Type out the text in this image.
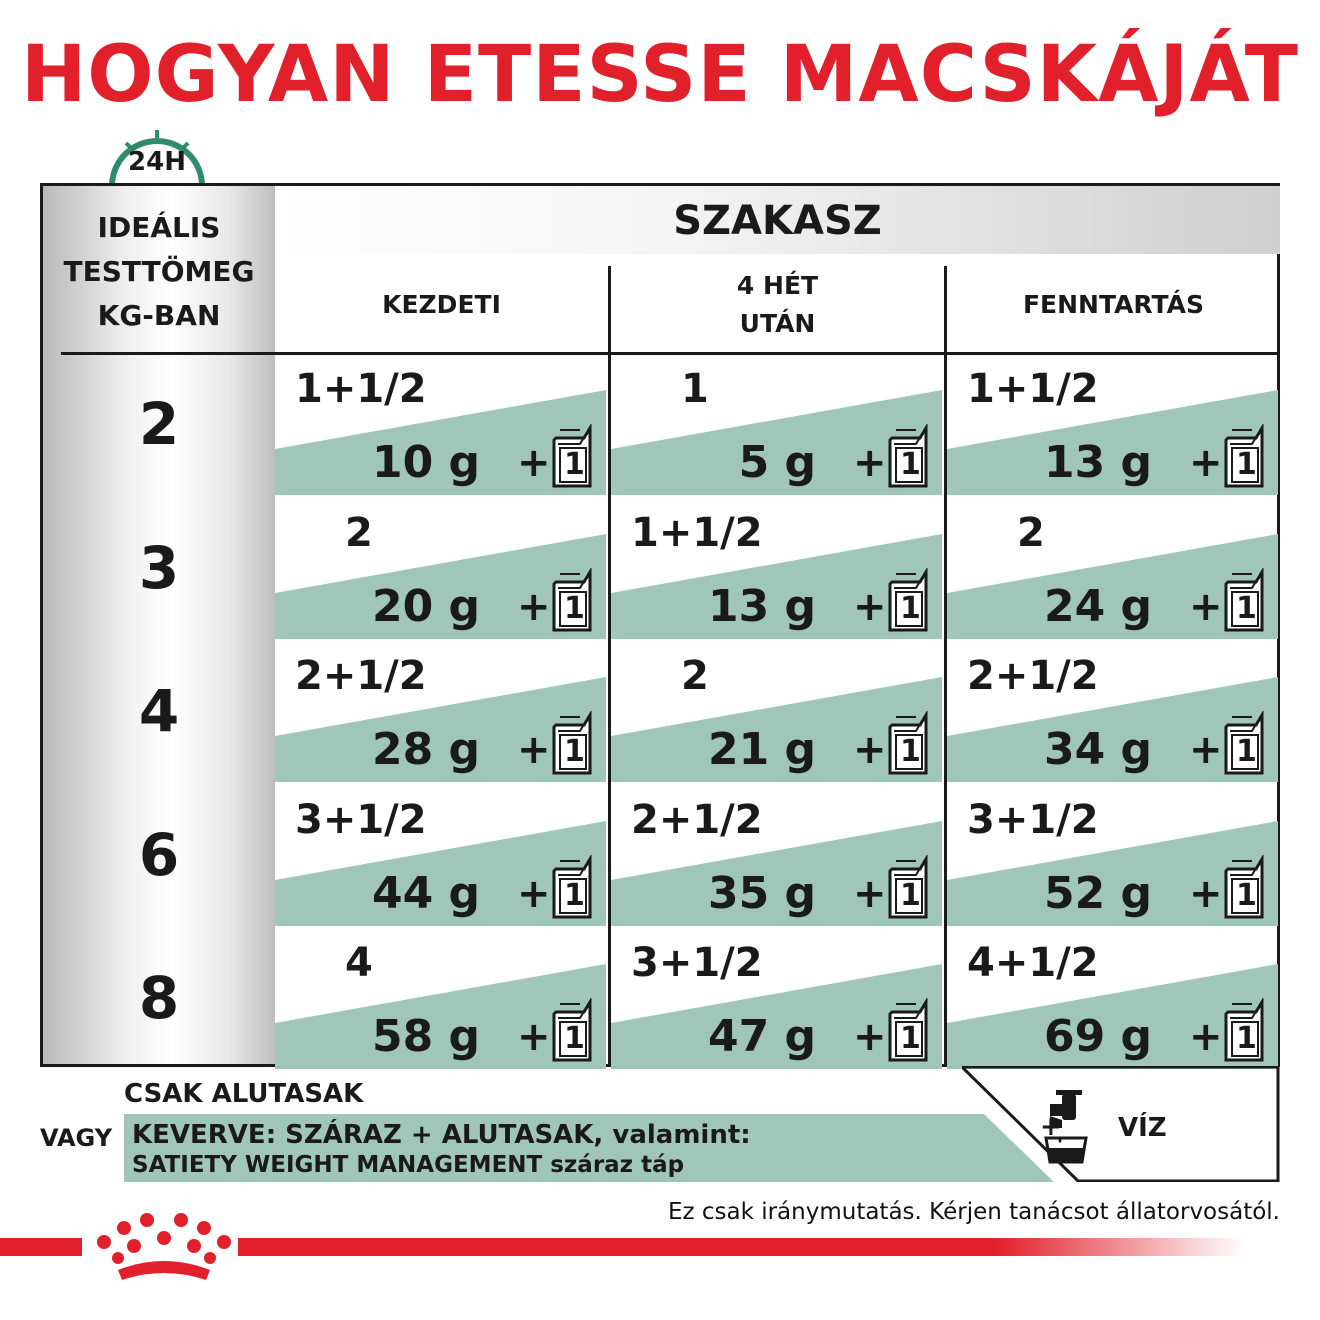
HOGYAN ETESSE MACSKÁJÁT
24H
IDEÁLIS
TESTTÖMEG
KG-BAN
SZAKASZ
KEZDETI
4 HÉT
UTÁN
FENNTARTÁS
2
1+1/2
10 g + 1
1
5 g + 1
1+1/2
13 g + 1
3
2
20 g + 1
1+1/2
13 g + 1
2
24 g + 1
4
2+1/2
28 g + 1
2
21 g + 1
2+1/2
34 g + 1
6
3+1/2
44 g + 1
2+1/2
35 g + 1
3+1/2
52 g + 1
8
4
58 g + 1
3+1/2
47 g + 1
4+1/2
69 g + 1
CSAK ALUTASAK
VAGY KEVERVE: SZÁRAZ + ALUTASAK, valamint:
SATIETY WEIGHT MANAGEMENT száraz táp
+ VÍZ
Ez csak iránymutatás. Kérjen tanácsot állatorvosától.
